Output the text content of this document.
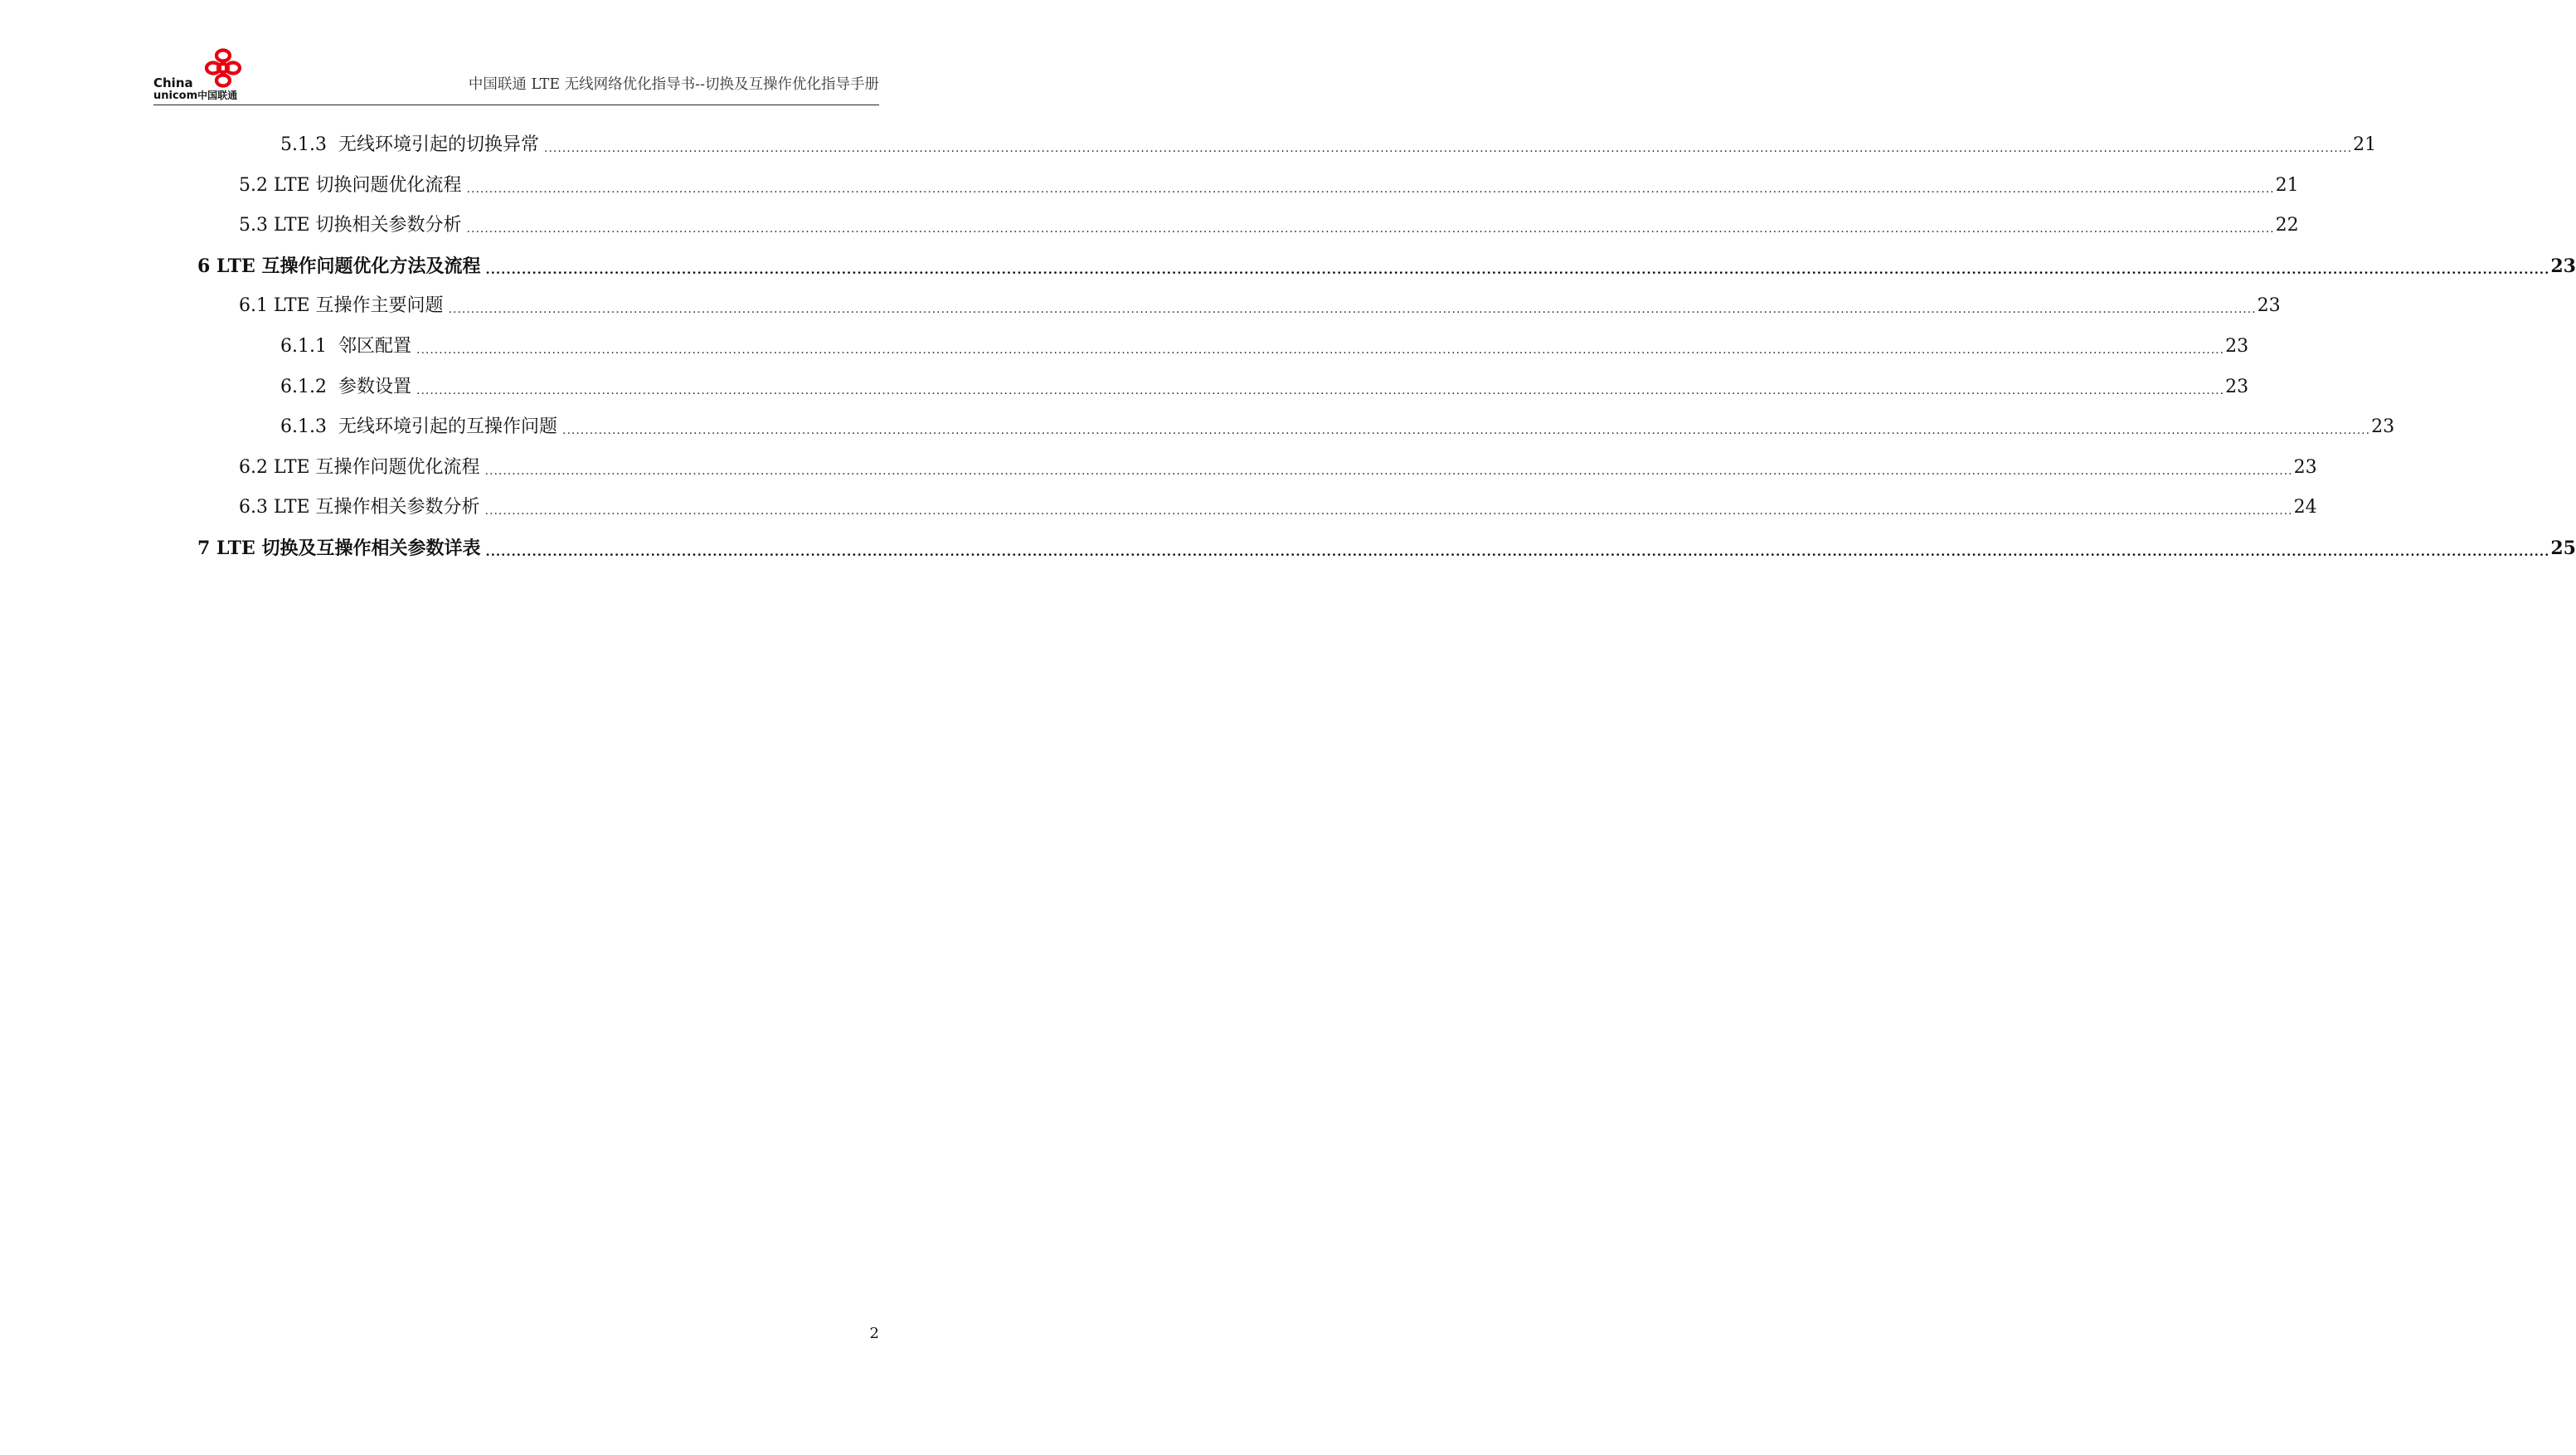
China
unicom中国联通
中国联通 LTE 无线网络优化指导书--切换及互操作优化指导手册
5.1.3
无线环境引起的切换异常 ................................................................................................................................................................................................................................................................................................................................................................................................................ 21
5.2
LTE 切换问题优化流程 ................................................................................................................................................................................................................................................................................................................................................................................................................ 21
5.3
LTE 切换相关参数分析 ................................................................................................................................................................................................................................................................................................................................................................................................................ 22
6
LTE 互操作问题优化方法及流程 ................................................................................................................................................................................................................................................................................................................................................................................................................ 23
6.1
LTE 互操作主要问题 ................................................................................................................................................................................................................................................................................................................................................................................................................ 23
6.1.1
邻区配置 ................................................................................................................................................................................................................................................................................................................................................................................................................ 23
6.1.2
参数设置 ................................................................................................................................................................................................................................................................................................................................................................................................................ 23
6.1.3
无线环境引起的互操作问题 ................................................................................................................................................................................................................................................................................................................................................................................................................ 23
6.2
LTE 互操作问题优化流程 ................................................................................................................................................................................................................................................................................................................................................................................................................ 23
6.3
LTE 互操作相关参数分析 ................................................................................................................................................................................................................................................................................................................................................................................................................ 24
7
LTE 切换及互操作相关参数详表 ................................................................................................................................................................................................................................................................................................................................................................................................................ 25
2
